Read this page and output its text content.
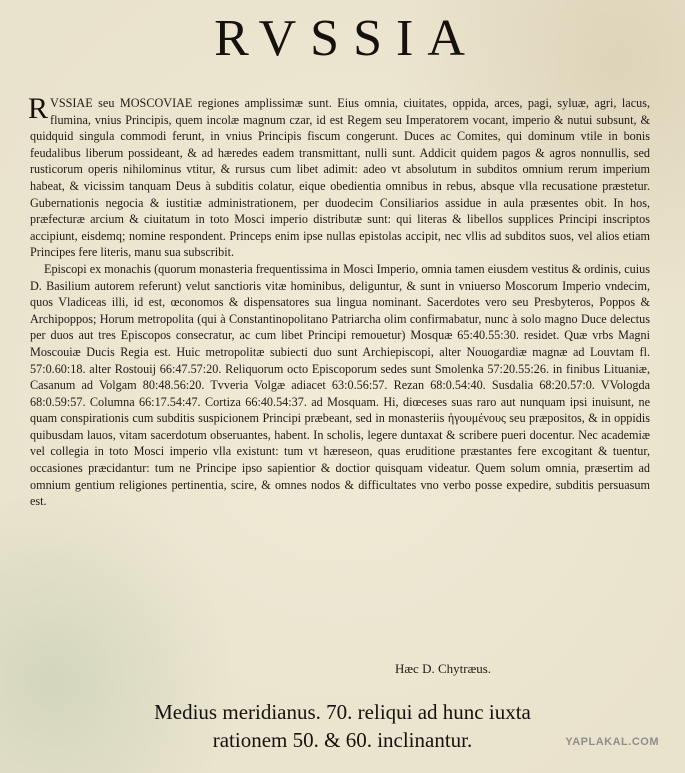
RVSSIA

RVSSIAE seu MOSCOVIAE regiones amplissimæ sunt. Eius omnia, ciuitates, oppida, arces, pagi, syluæ, agri, lacus, flumina, vnius Principis, quem incolæ magnum czar, id est Regem seu Imperatorem vocant, imperio & nutui subsunt, & quidquid singula commodi ferunt, in vnius Principis fiscum congerunt. Duces ac Comites, qui dominum vtile in bonis feudalibus liberum possideant, & ad hæredes eadem transmittant, nulli sunt. Addicit quidem pagos & agros nonnullis, sed rusticorum operis nihilominus vtitur, & rursus cum libet adimit: adeo vt absolutum in subditos omnium rerum imperium habeat, & vicissim tanquam Deus à subditis colatur, eique obedientia omnibus in rebus, absque vlla recusatione præstetur. Gubernationis negocia & iustitiæ administrationem, per duodecim Consiliarios assidue in aula præsentes obit. In hos, præfecturæ arcium & ciuitatum in toto Mosci imperio distributæ sunt: qui literas & libellos supplices Principi inscriptos accipiunt, eisdemq; nomine respondent. Princeps enim ipse nullas epistolas accipit, nec vllis ad subditos suos, vel alios etiam Principes fere literis, manu sua subscribit.

Episcopi ex monachis (quorum monasteria frequentissima in Mosci Imperio, omnia tamen eiusdem vestitus & ordinis, cuius D. Basilium autorem referunt) velut sanctioris vitæ hominibus, deliguntur, & sunt in vniuerso Moscorum Imperio vndecim, quos Vladiceas illi, id est, œconomos & dispensatores sua lingua nominant. Sacerdotes vero seu Presbyteros, Poppos & Archipoppos; Horum metropolita (qui à Constantinopolitano Patriarcha olim confirmabatur, nunc à solo magno Duce delectus per duos aut tres Episcopos consecratur, ac cum libet Principi remouetur) Mosquæ 65:40.55:30. residet. Quæ vrbs Magni Moscouiæ Ducis Regia est. Huic metropolitæ subiecti duo sunt Archiepiscopi, alter Nouogardiæ magnæ ad Louvtam fl. 57:0.60:18. alter Rostouij 66:47.57:20. Reliquorum octo Episcoporum sedes sunt Smolenka 57:20.55:26. in finibus Lituaniæ, Casanum ad Volgam 80:48.56:20. Tvveria Volgæ adiacet 63:0.56:57. Rezan 68:0.54:40. Susdalia 68:20.57:0. VVologda 68:0.59:57. Columna 66:17.54:47. Cortiza 66:40.54:37. ad Mosquam. Hi, diœceses suas raro aut nunquam ipsi inuisunt, ne quam conspirationis cum subditis suspicionem Principi præbeant, sed in monasteriis ἡγουμένους seu præpositos, & in oppidis quibusdam lauos, vitam sacerdotum obseruantes, habent. In scholis, legere duntaxat & scribere pueri docentur. Nec academiæ vel collegia in toto Mosci imperio vlla existunt: tum vt hæreseon, quas eruditione præstantes fere excogitant & tuentur, occasiones præcidantur: tum ne Principe ipso sapientior & doctior quisquam videatur. Quem solum omnia, præsertim ad omnium gentium religiones pertinentia, scire, & omnes nodos & difficultates vno verbo posse expedire, subditis persuasum est.

Hæc D. Chytræus.
Medius meridianus. 70. reliqui ad hunc iuxta
rationem 50. & 60. inclinantur.	YAPLAKAL.COM
